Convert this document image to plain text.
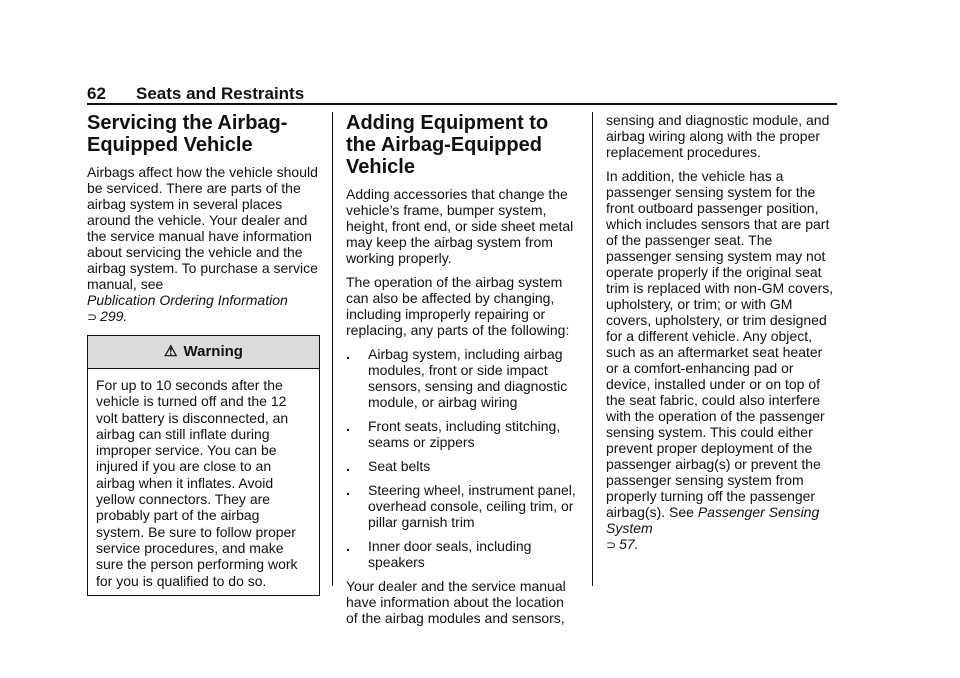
62 Seats and Restraints
Servicing the Airbag-Equipped Vehicle

Airbags affect how the vehicle should be serviced. There are parts of the airbag system in several places around the vehicle. Your dealer and the service manual have information about servicing the vehicle and the airbag system. To purchase a service manual, see
Publication Ordering Information
⊃ 299.

⚠ Warning
For up to 10 seconds after the vehicle is turned off and the 12 volt battery is disconnected, an airbag can still inflate during improper service. You can be injured if you are close to an airbag when it inflates. Avoid yellow connectors. They are probably part of the airbag system. Be sure to follow proper service procedures, and make sure the person performing work for you is qualified to do so.
Adding Equipment to the Airbag-Equipped Vehicle

Adding accessories that change the vehicle’s frame, bumper system, height, front end, or side sheet metal may keep the airbag system from working properly.

The operation of the airbag system can also be affected by changing, including improperly repairing or replacing, any parts of the following:

. Airbag system, including airbag modules, front or side impact sensors, sensing and diagnostic module, or airbag wiring
. Front seats, including stitching, seams or zippers
. Seat belts
. Steering wheel, instrument panel, overhead console, ceiling trim, or pillar garnish trim
. Inner door seals, including speakers

Your dealer and the service manual have information about the location of the airbag modules and sensors,

sensing and diagnostic module, and airbag wiring along with the proper replacement procedures.

In addition, the vehicle has a passenger sensing system for the front outboard passenger position, which includes sensors that are part of the passenger seat. The passenger sensing system may not operate properly if the original seat trim is replaced with non-GM covers, upholstery, or trim; or with GM covers, upholstery, or trim designed for a different vehicle. Any object, such as an aftermarket seat heater or a comfort-enhancing pad or device, installed under or on top of the seat fabric, could also interfere with the operation of the passenger sensing system. This could either prevent proper deployment of the passenger airbag(s) or prevent the passenger sensing system from properly turning off the passenger airbag(s). See Passenger Sensing System
⊃ 57.
